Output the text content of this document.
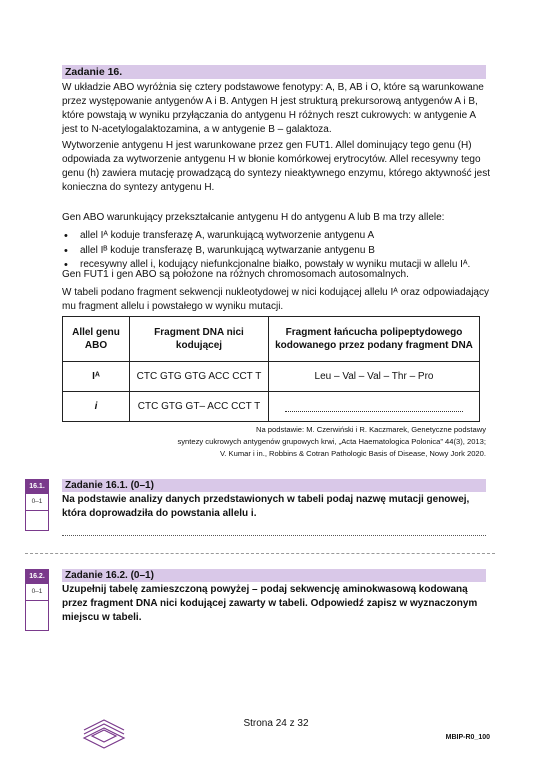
Zadanie 16.
W układzie ABO wyróżnia się cztery podstawowe fenotypy: A, B, AB i O, które są warunkowane przez występowanie antygenów A i B. Antygen H jest strukturą prekursorową antygenów A i B, które powstają w wyniku przyłączania do antygenu H różnych reszt cukrowych: w antygenie A jest to N-acetylogalaktozamina, a w antygenie B – galaktoza.
Wytworzenie antygenu H jest warunkowane przez gen FUT1. Allel dominujący tego genu (H) odpowiada za wytworzenie antygenu H w błonie komórkowej erytrocytów. Allel recesywny tego genu (h) zawiera mutację prowadzącą do syntezy nieaktywnego enzymu, którego aktywność jest konieczna do syntezy antygenu H.
Gen ABO warunkujący przekształcanie antygenu H do antygenu A lub B ma trzy allele:
• allel Iᴬ koduje transferazę A, warunkującą wytworzenie antygenu A
• allel Iᴮ koduje transferazę B, warunkującą wytwarzanie antygenu B
• recesywny allel i, kodujący niefunkcjonalne białko, powstały w wyniku mutacji w allelu Iᴬ.
Gen FUT1 i gen ABO są położone na różnych chromosomach autosomalnych.
W tabeli podano fragment sekwencji nukleotydowej w nici kodującej allelu Iᴬ oraz odpowiadający mu fragment allelu i powstałego w wyniku mutacji.
Allel genu ABO	Fragment DNA nici kodującej	Fragment łańcucha polipeptydowego kodowanego przez podany fragment DNA
Iᴬ	CTC GTG GTG ACC CCT T	Leu – Val – Val – Thr – Pro
i	CTC GTG GT– ACC CCT T	
Na podstawie: M. Czerwiński i R. Kaczmarek, Genetyczne podstawy
syntezy cukrowych antygenów grupowych krwi, „Acta Haematologica Polonica” 44(3), 2013;
V. Kumar i in., Robbins & Cotran Pathologic Basis of Disease, Nowy Jork 2020.
16.1.
0–1
Zadanie 16.1. (0–1)
Na podstawie analizy danych przedstawionych w tabeli podaj nazwę mutacji genowej, która doprowadziła do powstania allelu i.
16.2.
0–1
Zadanie 16.2. (0–1)
Uzupełnij tabelę zamieszczoną powyżej – podaj sekwencję aminokwasową kodowaną przez fragment DNA nici kodującej zawarty w tabeli. Odpowiedź zapisz w wyznaczonym miejscu w tabeli.
Strona 24 z 32
MBIP-R0_100
